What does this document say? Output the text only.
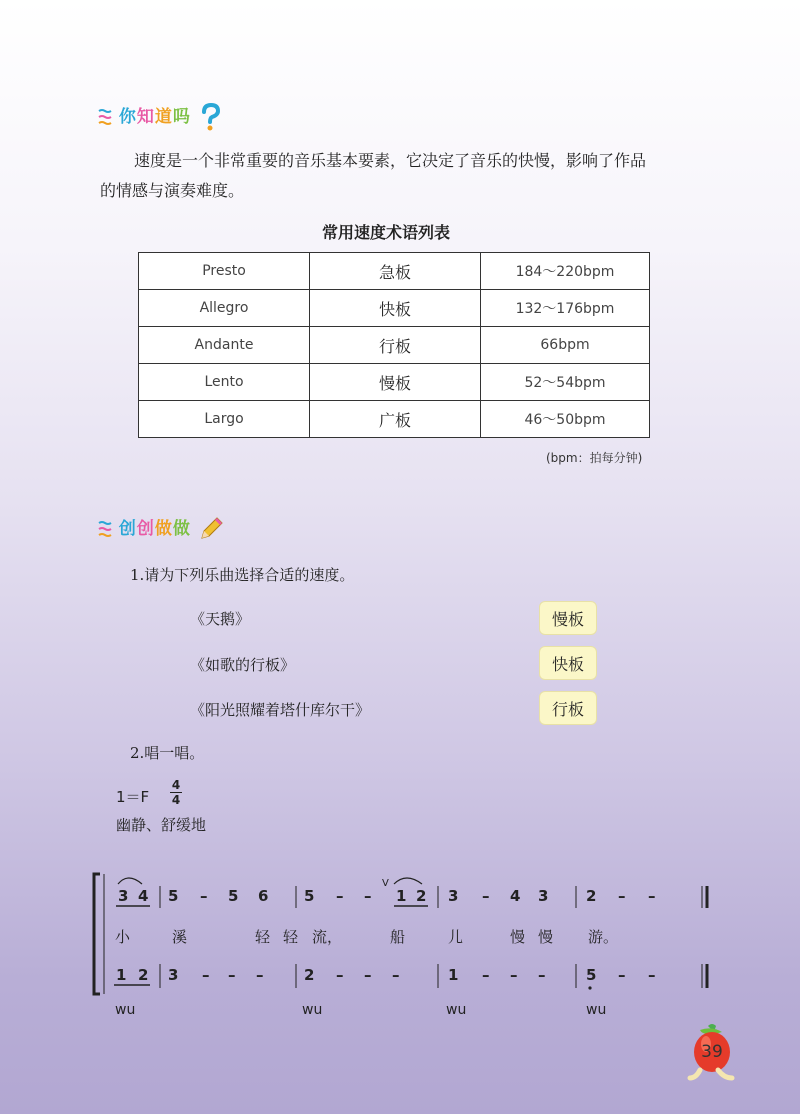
你知道吗
速度是一个非常重要的音乐基本要素，它决定了音乐的快慢，影响了作品
的情感与演奏难度。
常用速度术语列表
Presto	急板	184～220bpm
Allegro	快板	132～176bpm
Andante	行板	66bpm
Lento	慢板	52～54bpm
Largo	广板	46～50bpm
(bpm：拍每分钟)
创创做做
1.请为下列乐曲选择合适的速度。
《天鹅》
《如歌的行板》
《阳光照耀着塔什库尔干》
慢板
快板
行板
2.唱一唱。
1＝F
4
4
幽静、舒缓地
3 4 5 – 5 6 5 – –
V
1 2 3 – 4 3	2 – –
1 2 3 – – –	2 – – –	1 – – –	5 – –
小	溪	轻 轻 流，	船	儿	慢 慢 游。
wu	wu	wu	wu
39
